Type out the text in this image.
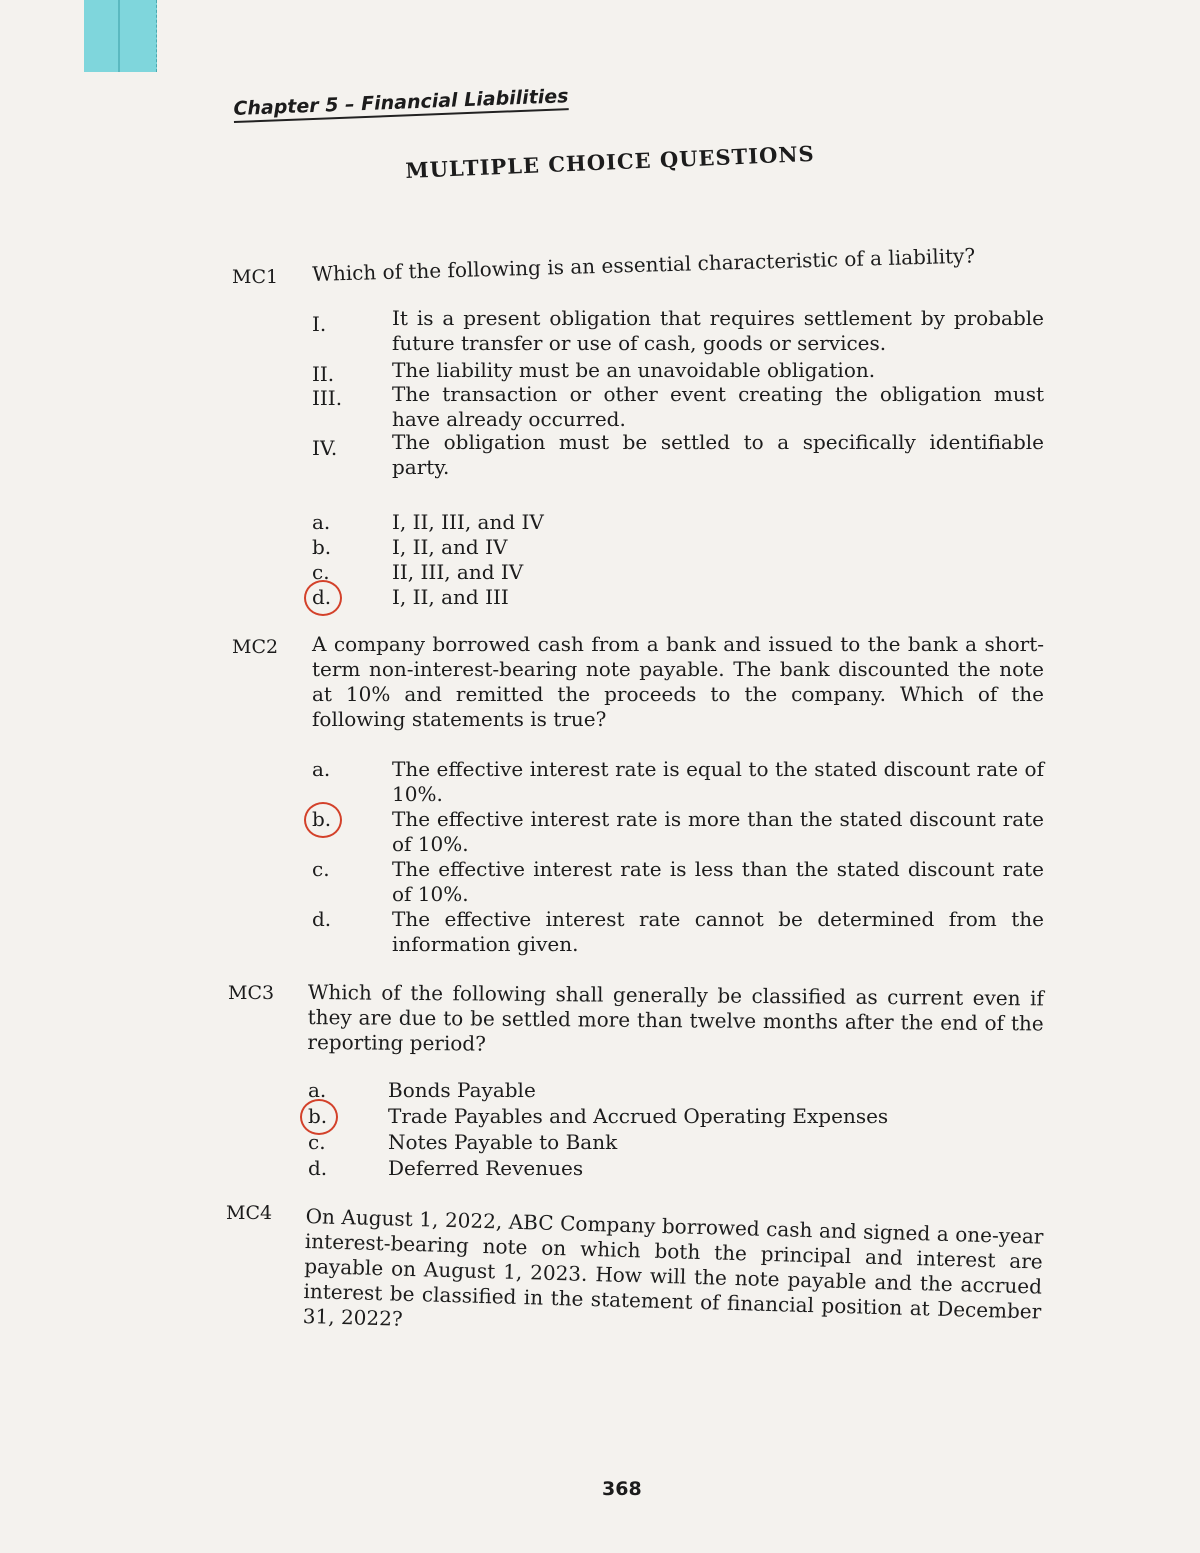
Chapter 5 – Financial Liabilities
MULTIPLE CHOICE QUESTIONS
MC1 Which of the following is an essential characteristic of a liability?
I.	It is a present obligation that requires settlement by probable future transfer or use of cash, goods or services.
II.	The liability must be an unavoidable obligation.
III.	The transaction or other event creating the obligation must have already occurred.
IV.	The obligation must be settled to a specifically identifiable party.
a.	I, II, III, and IV
b.	I, II, and IV
c.	II, III, and IV
d.	I, II, and III
MC2 A company borrowed cash from a bank and issued to the bank a short-term non-interest-bearing note payable. The bank discounted the note at 10% and remitted the proceeds to the company. Which of the following statements is true?
a.	The effective interest rate is equal to the stated discount rate of 10%.
b.	The effective interest rate is more than the stated discount rate of 10%.
c.	The effective interest rate is less than the stated discount rate of 10%.
d.	The effective interest rate cannot be determined from the information given.
MC3 Which of the following shall generally be classified as current even if they are due to be settled more than twelve months after the end of the reporting period?
a.	Bonds Payable
b.	Trade Payables and Accrued Operating Expenses
c.	Notes Payable to Bank
d.	Deferred Revenues
MC4 On August 1, 2022, ABC Company borrowed cash and signed a one-year interest-bearing note on which both the principal and interest are payable on August 1, 2023. How will the note payable and the accrued interest be classified in the statement of financial position at December 31, 2022?
368
